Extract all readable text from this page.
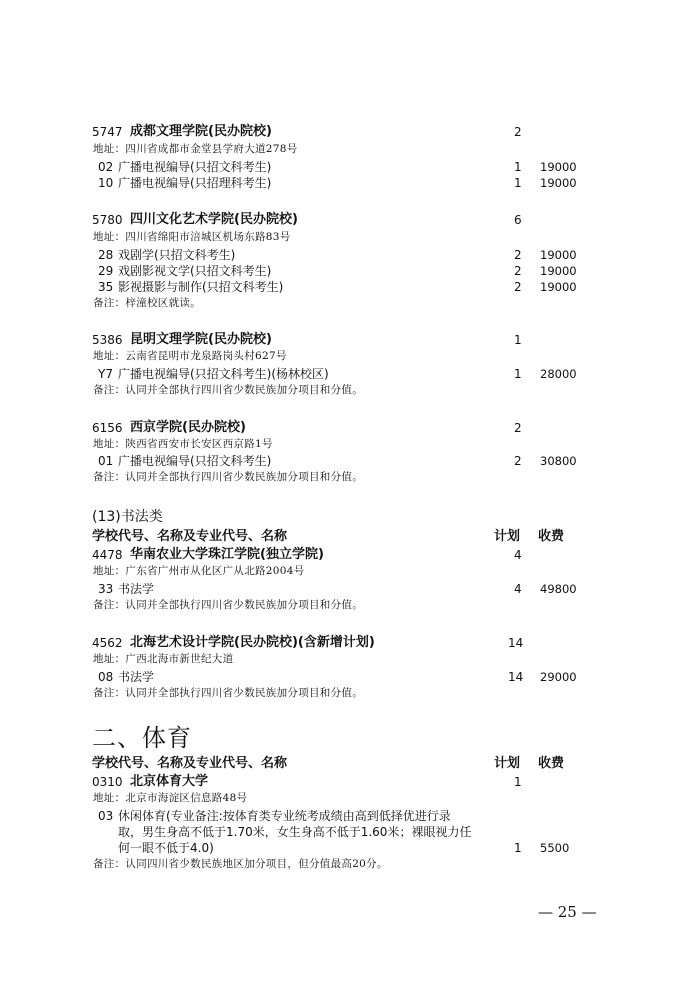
5747 成都文理学院(民办院校)	2
地址：四川省成都市金堂县学府大道278号
02 广播电视编导(只招文科考生)	1 19000
10 广播电视编导(只招理科考生)	1 19000
5780 四川文化艺术学院(民办院校)	6
地址：四川省绵阳市涪城区机场东路83号
28 戏剧学(只招文科考生)	2 19000
29 戏剧影视文学(只招文科考生)	2 19000
35 影视摄影与制作(只招文科考生)	2 19000
备注：梓潼校区就读。
5386 昆明文理学院(民办院校)	1
地址：云南省昆明市龙泉路岗头村627号
Y7 广播电视编导(只招文科考生)(杨林校区)	1 28000
备注：认同并全部执行四川省少数民族加分项目和分值。
6156 西京学院(民办院校)	2
地址：陕西省西安市长安区西京路1号
01 广播电视编导(只招文科考生)	2 30800
备注：认同并全部执行四川省少数民族加分项目和分值。
(13)书法类
学校代号、名称及专业代号、名称	计划 收费
4478 华南农业大学珠江学院(独立学院)	4
地址：广东省广州市从化区广从北路2004号
33 书法学	4 49800
备注：认同并全部执行四川省少数民族加分项目和分值。
4562 北海艺术设计学院(民办院校)(含新增计划)	14
地址：广西北海市新世纪大道
08 书法学	14 29000
备注：认同并全部执行四川省少数民族加分项目和分值。
二、体育
学校代号、名称及专业代号、名称	计划 收费
0310 北京体育大学	1
地址：北京市海淀区信息路48号
03 休闲体育(专业备注:按体育类专业统考成绩由高到低择优进行录
取，男生身高不低于1.70米，女生身高不低于1.60米；裸眼视力任
何一眼不低于4.0)	1 5500
备注：认同四川省少数民族地区加分项目，但分值最高20分。
— 25 —
